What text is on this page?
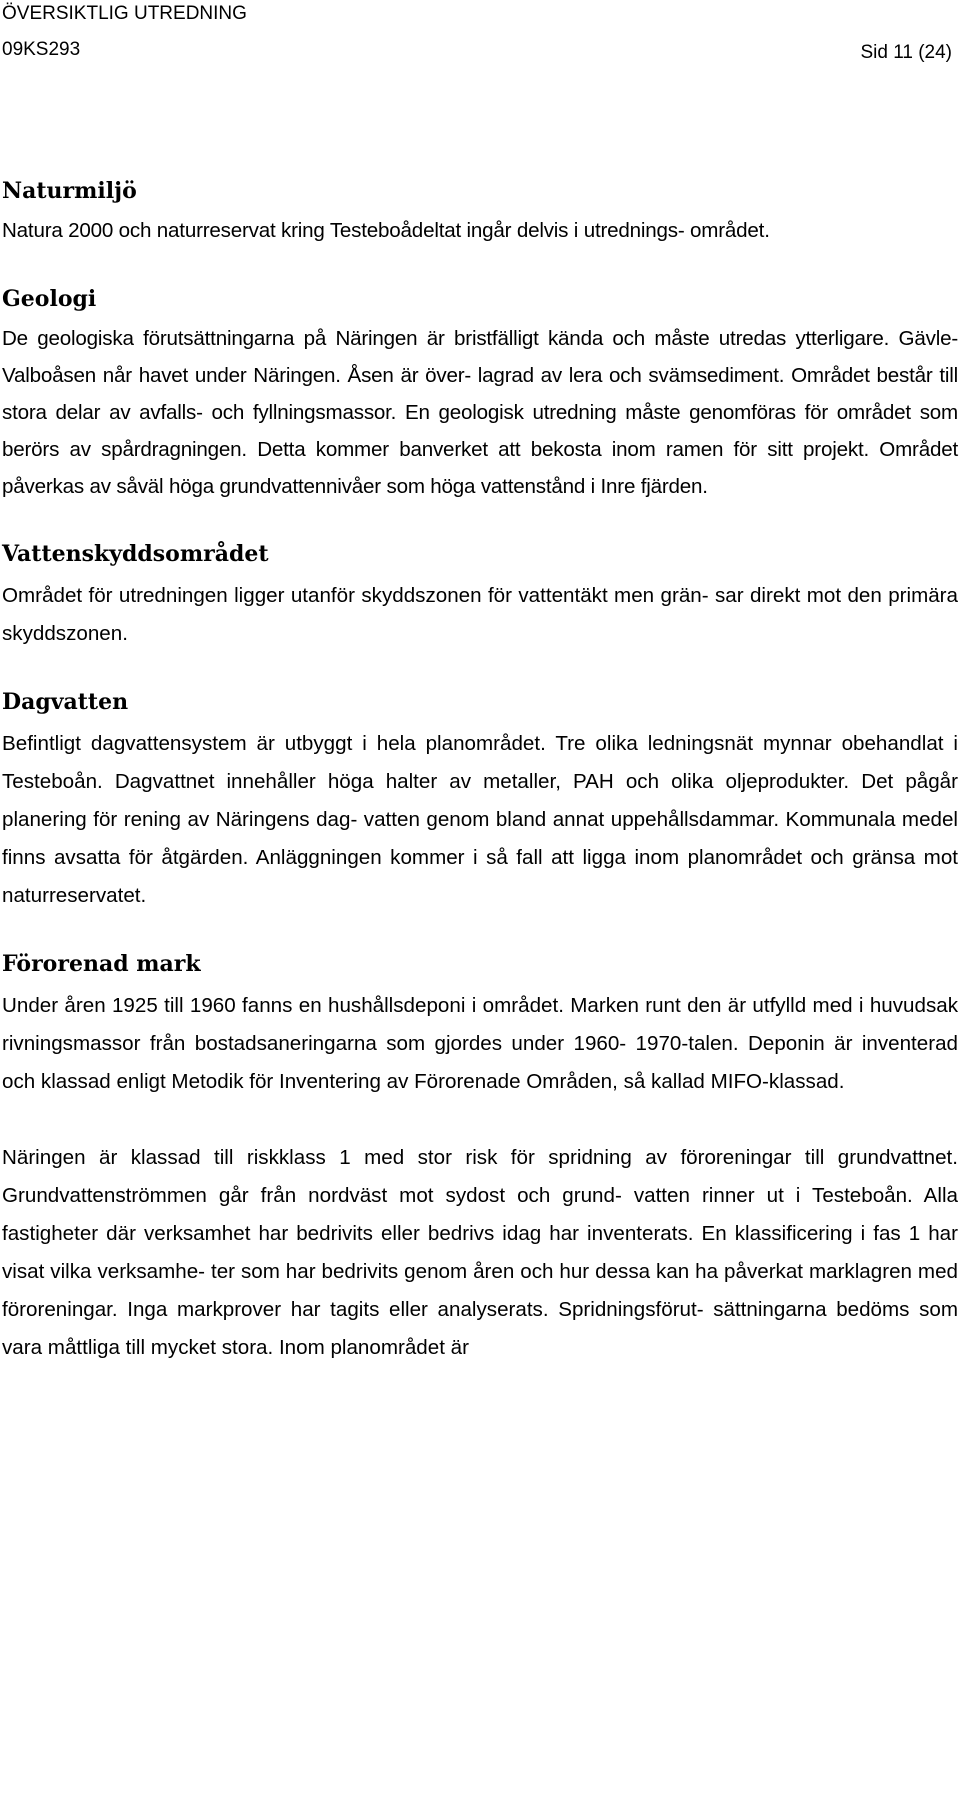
ÖVERSIKTLIG UTREDNING
09KS293	Sid 11 (24)
Naturmiljö

Natura 2000 och naturreservat kring Testeboådeltat ingår delvis i utrednings- området.

Geologi

De geologiska förutsättningarna på Näringen är bristfälligt kända och måste utredas ytterligare. Gävle- Valboåsen når havet under Näringen. Åsen är över- lagrad av lera och svämsediment. Området består till stora delar av avfalls- och fyllningsmassor. En geologisk utredning måste genomföras för området som berörs av spårdragningen. Detta kommer banverket att bekosta inom ramen för sitt projekt. Området påverkas av såväl höga grundvattennivåer som höga vattenstånd i Inre fjärden.

Vattenskyddsområdet

Området för utredningen ligger utanför skyddszonen för vattentäkt men grän- sar direkt mot den primära skyddszonen.

Dagvatten

Befintligt dagvattensystem är utbyggt i hela planområdet. Tre olika ledningsnät mynnar obehandlat i Testeboån. Dagvattnet innehåller höga halter av metaller, PAH och olika oljeprodukter. Det pågår planering för rening av Näringens dag- vatten genom bland annat uppehållsdammar. Kommunala medel finns avsatta för åtgärden. Anläggningen kommer i så fall att ligga inom planområdet och gränsa mot naturreservatet.

Förorenad mark

Under åren 1925 till 1960 fanns en hushållsdeponi i området. Marken runt den är utfylld med i huvudsak rivningsmassor från bostadsaneringarna som gjordes under 1960- 1970-talen. Deponin är inventerad och klassad enligt Metodik för Inventering av Förorenade Områden, så kallad MIFO-klassad.

Näringen är klassad till riskklass 1 med stor risk för spridning av föroreningar till grundvattnet. Grundvattenströmmen går från nordväst mot sydost och grund- vatten rinner ut i Testeboån. Alla fastigheter där verksamhet har bedrivits eller bedrivs idag har inventerats. En klassificering i fas 1 har visat vilka verksamhe- ter som har bedrivits genom åren och hur dessa kan ha påverkat marklagren med föroreningar. Inga markprover har tagits eller analyserats. Spridningsförut- sättningarna bedöms som vara måttliga till mycket stora. Inom planområdet är
